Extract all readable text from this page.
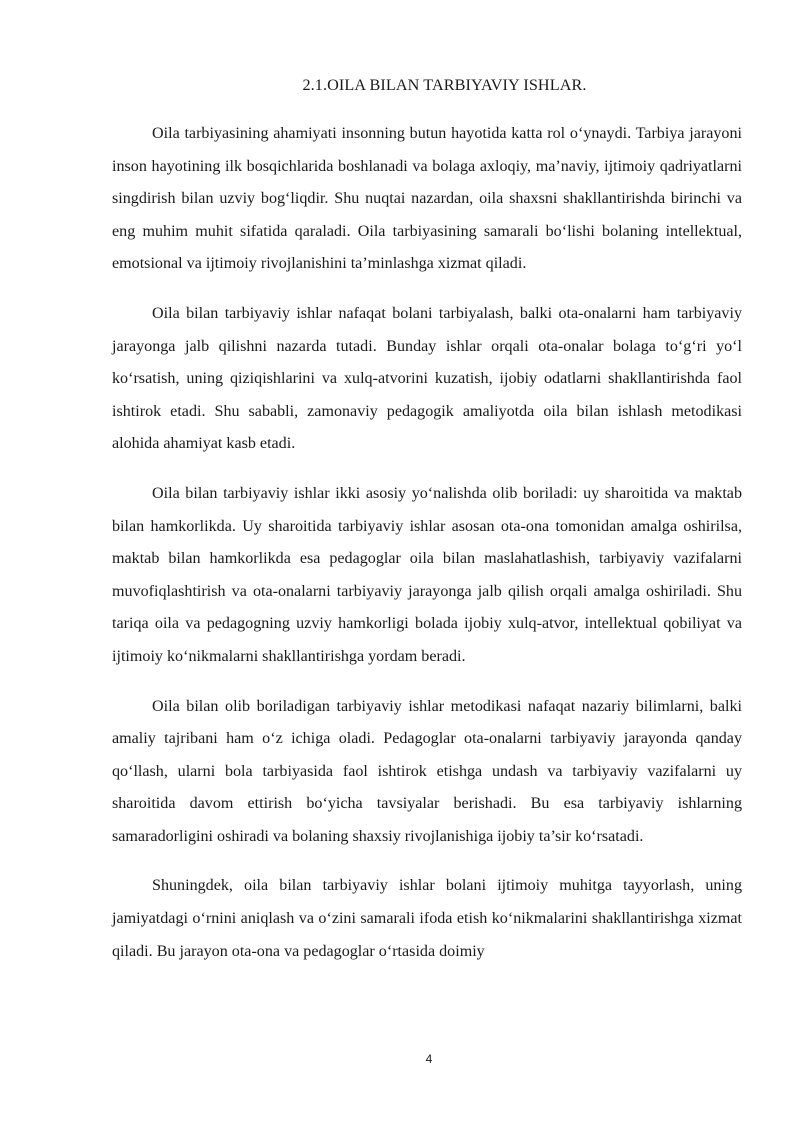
2.1.OILA BILAN TARBIYAVIY ISHLAR.

Oila tarbiyasining ahamiyati insonning butun hayotida katta rol o‘ynaydi. Tarbiya jarayoni inson hayotining ilk bosqichlarida boshlanadi va bolaga axloqiy, ma’naviy, ijtimoiy qadriyatlarni singdirish bilan uzviy bog‘liqdir. Shu nuqtai nazardan, oila shaxsni shakllantirishda birinchi va eng muhim muhit sifatida qaraladi. Oila tarbiyasining samarali bo‘lishi bolaning intellektual, emotsional va ijtimoiy rivojlanishini ta’minlashga xizmat qiladi.

Oila bilan tarbiyaviy ishlar nafaqat bolani tarbiyalash, balki ota-onalarni ham tarbiyaviy jarayonga jalb qilishni nazarda tutadi. Bunday ishlar orqali ota-onalar bolaga to‘g‘ri yo‘l ko‘rsatish, uning qiziqishlarini va xulq-atvorini kuzatish, ijobiy odatlarni shakllantirishda faol ishtirok etadi. Shu sababli, zamonaviy pedagogik amaliyotda oila bilan ishlash metodikasi alohida ahamiyat kasb etadi.

Oila bilan tarbiyaviy ishlar ikki asosiy yo‘nalishda olib boriladi: uy sharoitida va maktab bilan hamkorlikda. Uy sharoitida tarbiyaviy ishlar asosan ota-ona tomonidan amalga oshirilsa, maktab bilan hamkorlikda esa pedagoglar oila bilan maslahatlashish, tarbiyaviy vazifalarni muvofiqlashtirish va ota-onalarni tarbiyaviy jarayonga jalb qilish orqali amalga oshiriladi. Shu tariqa oila va pedagogning uzviy hamkorligi bolada ijobiy xulq-atvor, intellektual qobiliyat va ijtimoiy ko‘nikmalarni shakllantirishga yordam beradi.

Oila bilan olib boriladigan tarbiyaviy ishlar metodikasi nafaqat nazariy bilimlarni, balki amaliy tajribani ham o‘z ichiga oladi. Pedagoglar ota-onalarni tarbiyaviy jarayonda qanday qo‘llash, ularni bola tarbiyasida faol ishtirok etishga undash va tarbiyaviy vazifalarni uy sharoitida davom ettirish bo‘yicha tavsiyalar berishadi. Bu esa tarbiyaviy ishlarning samaradorligini oshiradi va bolaning shaxsiy rivojlanishiga ijobiy ta’sir ko‘rsatadi.

Shuningdek, oila bilan tarbiyaviy ishlar bolani ijtimoiy muhitga tayyorlash, uning jamiyatdagi o‘rnini aniqlash va o‘zini samarali ifoda etish ko‘nikmalarini shakllantirishga xizmat qiladi. Bu jarayon ota-ona va pedagoglar o‘rtasida doimiy

4
